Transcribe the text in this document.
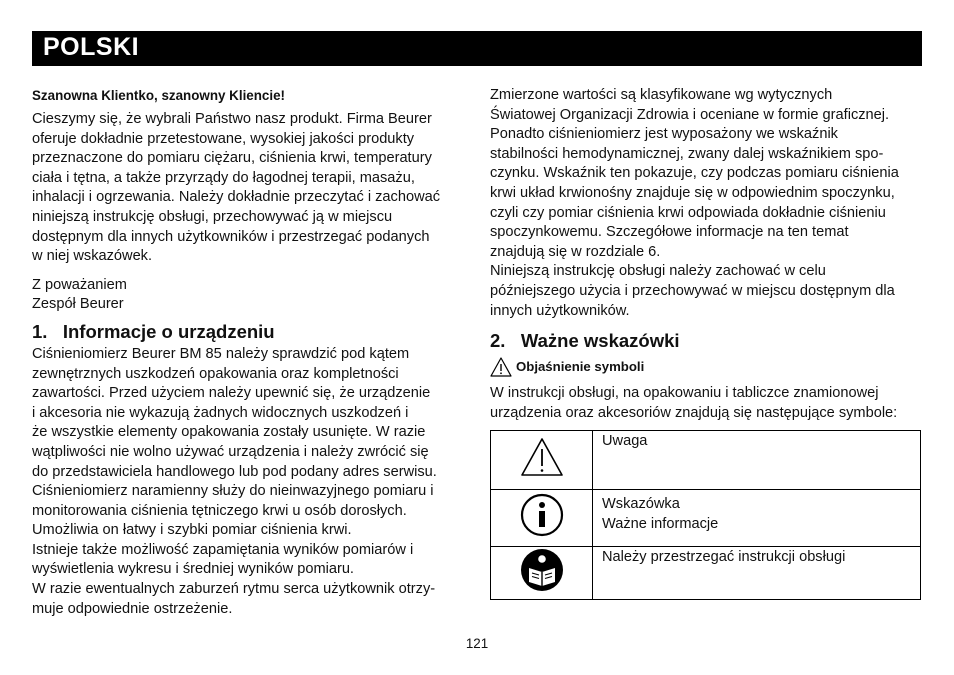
POLSKI
Szanowna Klientko, szanowny Kliencie!
Cieszymy się, że wybrali Państwo nasz produkt. Firma Beurer
oferuje dokładnie przetestowane, wysokiej jakości produkty
przeznaczone do pomiaru ciężaru, ciśnienia krwi, temperatury
ciała i tętna, a także przyrządy do łagodnej terapii, masażu,
inhalacji i ogrzewania. Należy dokładnie przeczytać i zachować
niniejszą instrukcję obsługi, przechowywać ją w miejscu
dostępnym dla innych użytkowników i przestrzegać podanych
w niej wskazówek.
Z poważaniem
Zespół Beurer
1.   Informacje o urządzeniu
Ciśnieniomierz Beurer BM 85 należy sprawdzić pod kątem
zewnętrznych uszkodzeń opakowania oraz kompletności
zawartości. Przed użyciem należy upewnić się, że urządzenie
i akcesoria nie wykazują żadnych widocznych uszkodzeń i
że wszystkie elementy opakowania zostały usunięte. W razie
wątpliwości nie wolno używać urządzenia i należy zwrócić się
do przedstawiciela handlowego lub pod podany adres serwisu.
Ciśnieniomierz naramienny służy do nieinwazyjnego pomiaru i
monitorowania ciśnienia tętniczego krwi u osób dorosłych.
Umożliwia on łatwy i szybki pomiar ciśnienia krwi.
Istnieje także możliwość zapamiętania wyników pomiarów i
wyświetlenia wykresu i średniej wyników pomiaru.
W razie ewentualnych zaburzeń rytmu serca użytkownik otrzy-
muje odpowiednie ostrzeżenie.
Zmierzone wartości są klasyfikowane wg wytycznych
Światowej Organizacji Zdrowia i oceniane w formie graficznej.
Ponadto ciśnieniomierz jest wyposażony we wskaźnik
stabilności hemodynamicznej, zwany dalej wskaźnikiem spo-
czynku. Wskaźnik ten pokazuje, czy podczas pomiaru ciśnienia
krwi układ krwionośny znajduje się w odpowiednim spoczynku,
czyli czy pomiar ciśnienia krwi odpowiada dokładnie ciśnieniu
spoczynkowemu. Szczegółowe informacje na ten temat
znajdują się w rozdziale 6.
Niniejszą instrukcję obsługi należy zachować w celu
późniejszego użycia i przechowywać w miejscu dostępnym dla
innych użytkowników.
2.   Ważne wskazówki
Objaśnienie symboli
W instrukcji obsługi, na opakowaniu i tabliczce znamionowej
urządzenia oraz akcesoriów znajdują się następujące symbole:

Uwaga

Wskazówka
Ważne informacje

Należy przestrzegać instrukcji obsługi
121
